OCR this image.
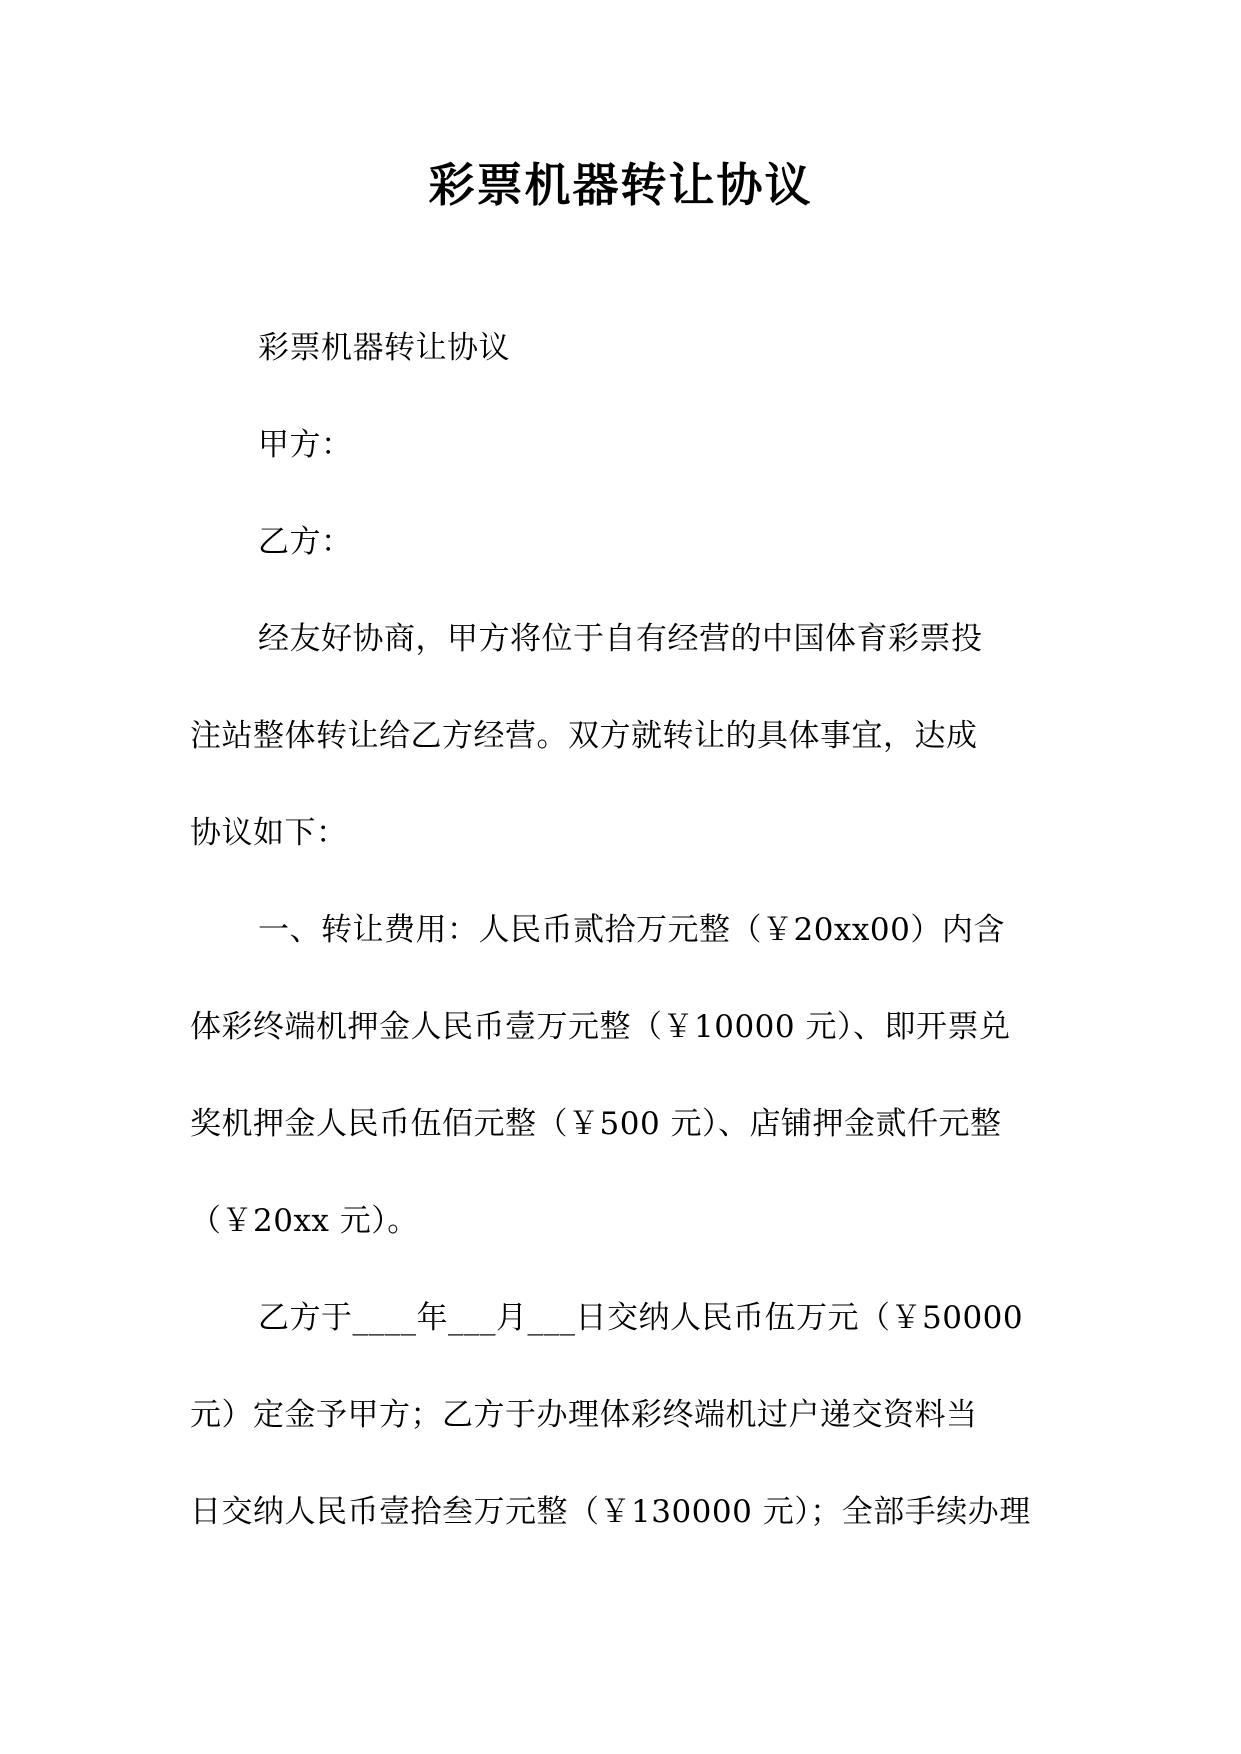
彩票机器转让协议
彩票机器转让协议
甲方：
乙方：
经友好协商，甲方将位于自有经营的中国体育彩票投
注站整体转让给乙方经营。双方就转让的具体事宜，达成
协议如下：
一、转让费用：人民币贰拾万元整（￥20xx00）内含
体彩终端机押金人民币壹万元整（￥10000 元）、即开票兑
奖机押金人民币伍佰元整（￥500 元）、店铺押金贰仟元整
（￥20xx 元）。
乙方于____年___月___日交纳人民币伍万元（￥50000
元）定金予甲方；乙方于办理体彩终端机过户递交资料当
日交纳人民币壹拾叁万元整（￥130000 元）；全部手续办理
